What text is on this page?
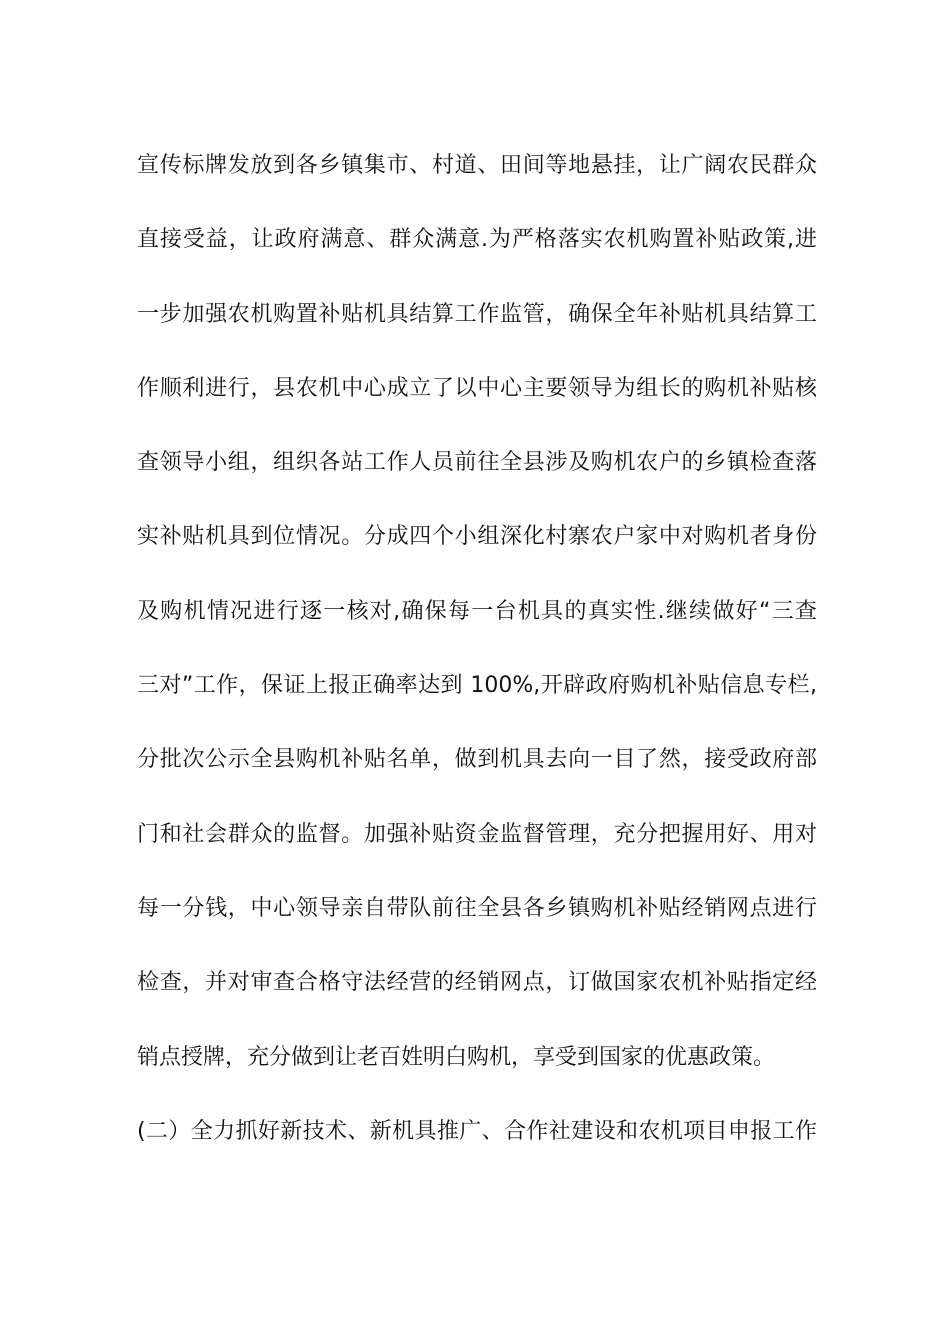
宣传标牌发放到各乡镇集市、村道、田间等地悬挂，让广阔农民群众
直接受益，让政府满意、群众满意.为严格落实农机购置补贴政策,进
一步加强农机购置补贴机具结算工作监管，确保全年补贴机具结算工
作顺利进行，县农机中心成立了以中心主要领导为组长的购机补贴核
查领导小组，组织各站工作人员前往全县涉及购机农户的乡镇检查落
实补贴机具到位情况。分成四个小组深化村寨农户家中对购机者身份
及购机情况进行逐一核对,确保每一台机具的真实性.继续做好“三查
三对”工作，保证上报正确率达到 100%,开辟政府购机补贴信息专栏,
分批次公示全县购机补贴名单，做到机具去向一目了然，接受政府部
门和社会群众的监督。加强补贴资金监督管理，充分把握用好、用对
每一分钱，中心领导亲自带队前往全县各乡镇购机补贴经销网点进行
检查，并对审查合格守法经营的经销网点，订做国家农机补贴指定经
销点授牌，充分做到让老百姓明白购机，享受到国家的优惠政策。
(二）全力抓好新技术、新机具推广、合作社建设和农机项目申报工作
